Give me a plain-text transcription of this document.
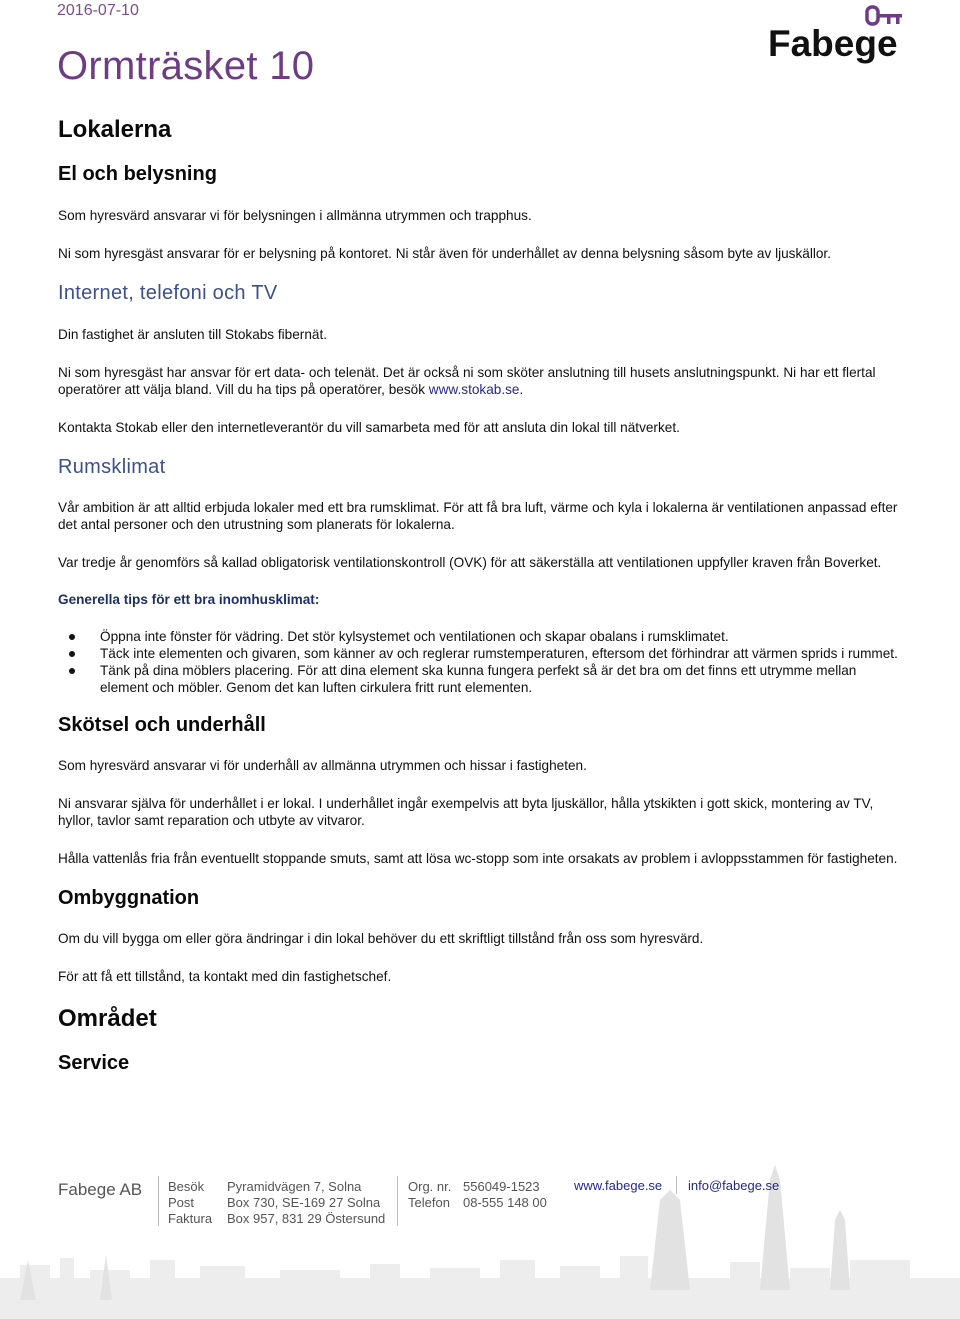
2016-07-10
Fabege
Ormträsket 10
Lokalerna
El och belysning

Som hyresvärd ansvarar vi för belysningen i allmänna utrymmen och trapphus.

Ni som hyresgäst ansvarar för er belysning på kontoret. Ni står även för underhållet av denna belysning såsom byte av ljuskällor.

Internet, telefoni och TV

Din fastighet är ansluten till Stokabs fibernät.

Ni som hyresgäst har ansvar för ert data- och telenät. Det är också ni som sköter anslutning till husets anslutningspunkt. Ni har ett flertal operatörer att välja bland. Vill du ha tips på operatörer, besök www.stokab.se.

Kontakta Stokab eller den internetleverantör du vill samarbeta med för att ansluta din lokal till nätverket.

Rumsklimat

Vår ambition är att alltid erbjuda lokaler med ett bra rumsklimat. För att få bra luft, värme och kyla i lokalerna är ventilationen anpassad efter det antal personer och den utrustning som planerats för lokalerna.

Var tredje år genomförs så kallad obligatorisk ventilationskontroll (OVK) för att säkerställa att ventilationen uppfyller kraven från Boverket.

Generella tips för ett bra inomhusklimat:
Öppna inte fönster för vädring. Det stör kylsystemet och ventilationen och skapar obalans i rumsklimatet.
Täck inte elementen och givaren, som känner av och reglerar rumstemperaturen, eftersom det förhindrar att värmen sprids i rummet.
Tänk på dina möblers placering. För att dina element ska kunna fungera perfekt så är det bra om det finns ett utrymme mellan element och möbler. Genom det kan luften cirkulera fritt runt elementen.
Skötsel och underhåll

Som hyresvärd ansvarar vi för underhåll av allmänna utrymmen och hissar i fastigheten.

Ni ansvarar själva för underhållet i er lokal. I underhållet ingår exempelvis att byta ljuskällor, hålla ytskikten i gott skick, montering av TV, hyllor, tavlor samt reparation och utbyte av vitvaror.

Hålla vattenlås fria från eventuellt stoppande smuts, samt att lösa wc-stopp som inte orsakats av problem i avloppsstammen för fastigheten.

Ombyggnation

Om du vill bygga om eller göra ändringar i din lokal behöver du ett skriftligt tillstånd från oss som hyresvärd.

För att få ett tillstånd, ta kontakt med din fastighetschef.

Området
Service
Fabege AB Besök
Post
Faktura
Pyramidvägen 7, Solna
Box 730, SE-169 27 Solna
Box 957, 831 29 Östersund
Org. nr.
Telefon
556049-1523
08-555 148 00
www.fabege.se info@fabege.se
